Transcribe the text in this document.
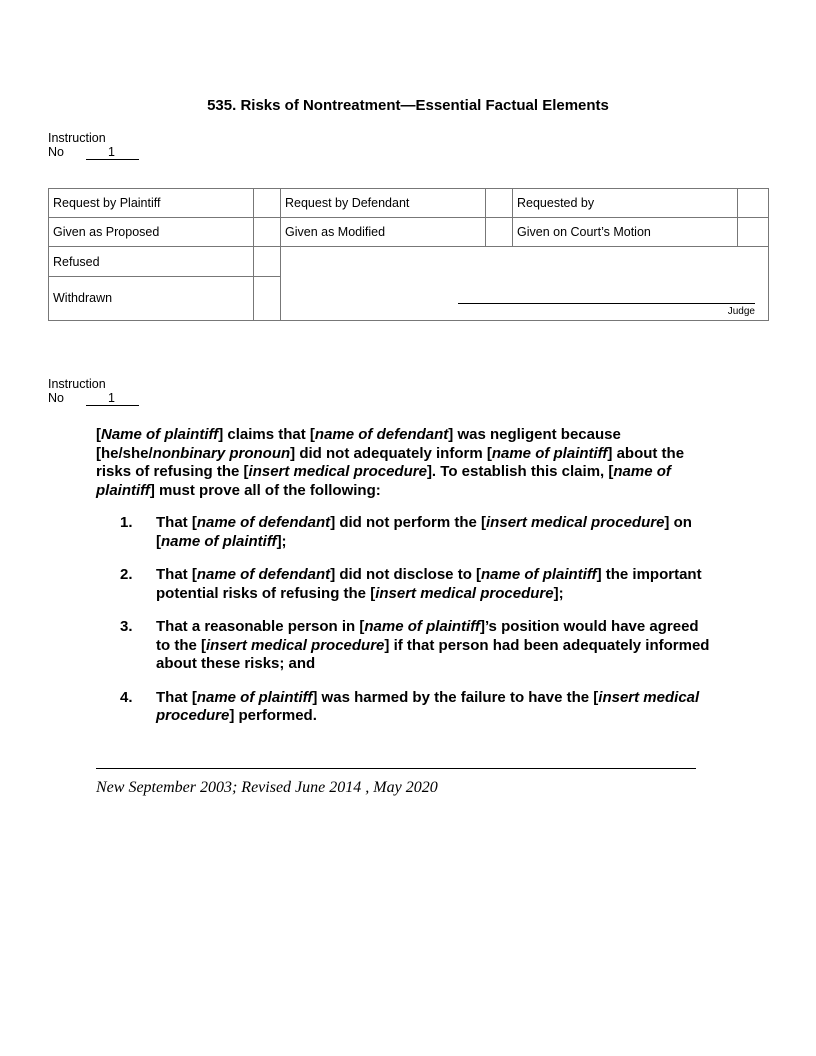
535. Risks of Nontreatment—Essential Factual Elements
Instruction
No	1
Request by Plaintiff		Request by Defendant		Requested by	
Given as Proposed		Given as Modified		Given on Court’s Motion	
Refused		Judge			

Withdrawn					
Instruction
No	1
[Name of plaintiff] claims that [name of defendant] was negligent because [he/she/nonbinary pronoun] did not adequately inform [name of plaintiff] about the risks of refusing the [insert medical procedure]. To establish this claim, [name of plaintiff] must prove all of the following:
1.	That [name of defendant] did not perform the [insert medical procedure] on [name of plaintiff];
2.	That [name of defendant] did not disclose to [name of plaintiff] the important potential risks of refusing the [insert medical procedure];
3.	That a reasonable person in [name of plaintiff]’s position would have agreed to the [insert medical procedure] if that person had been adequately informed about these risks; and
4.	That [name of plaintiff] was harmed by the failure to have the [insert medical procedure] performed.
New September 2003; Revised June 2014 , May 2020
